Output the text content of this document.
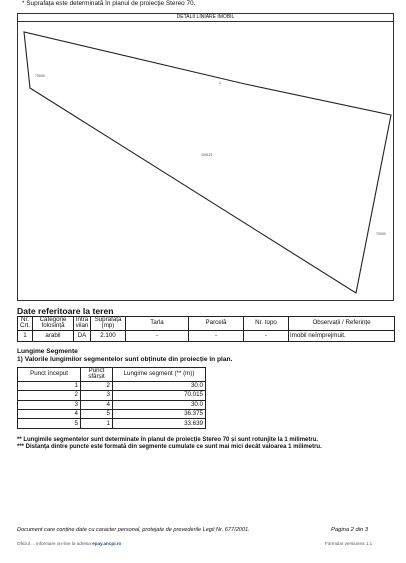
* Suprafața este determinată în planul de proiecție Stereo 70.
DETALII LINIARE IMOBIL
70000
1
109121
70000
Date referitoare la teren
Nr. Crt.	Categorie folosință	Intra vilan	Suprafața (mp)	Tarla	Parcelă	Nr. topo	Observații / Referințe
1	arabil	DA	2.100	-	-	-	Imobil neîmprejmuit.
Lungime Segmente
1) Valorile lungimilor segmentelor sunt obținute din proiecție în plan.
Punct început	Punct sfârșit	Lungime segment (** (m))
1	2	30.0
2	3	70.015
3	4	30.0
4	5	36.375
5	1	33.639
** Lungimile segmentelor sunt determinate în planul de proiecție Stereo 70 și sunt rotunjite la 1 milimetru.
*** Distanța dintre puncte este formată din segmente cumulate ce sunt mai mici decât valoarea 1 milimetru.
Document care conține date cu caracter personal, protejate de prevederile Legii Nr. 677/2001.	Pagina 2 din 3
Oficiul ... informare on-line la adresa epay.ancpi.ro	Formular versiunea 1.1
